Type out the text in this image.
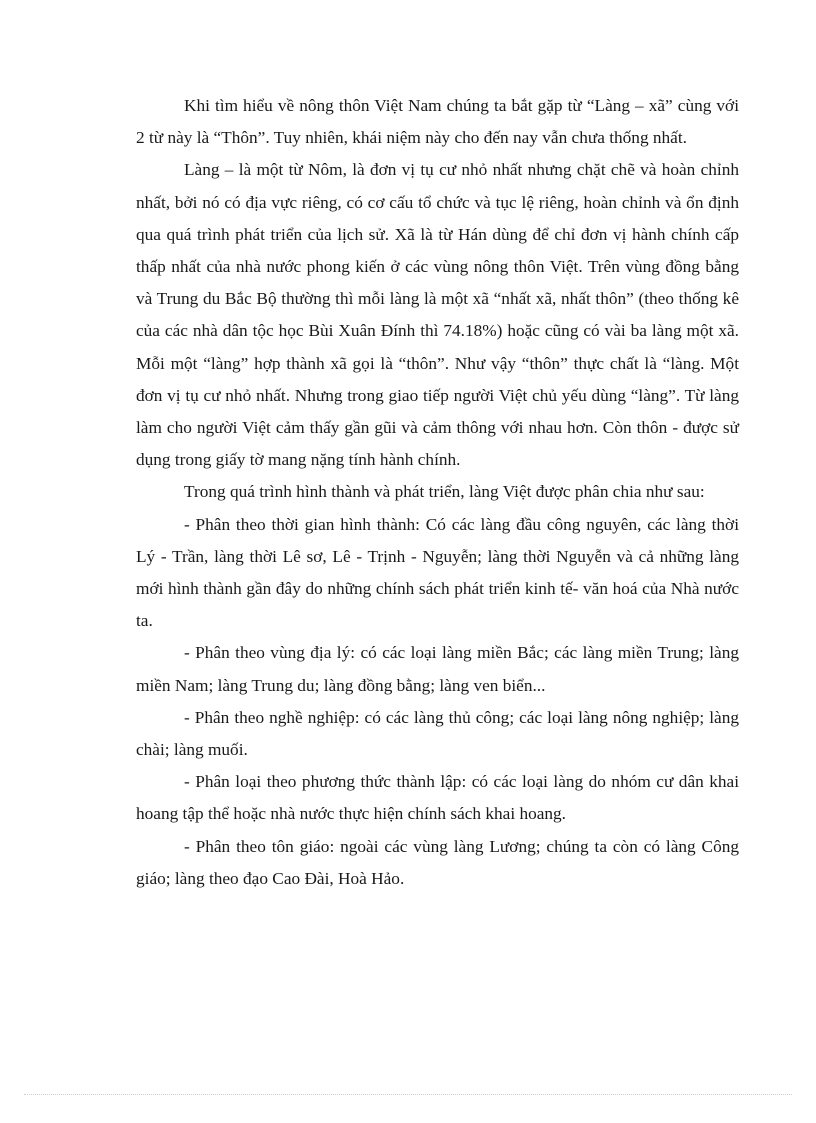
Khi tìm hiểu về nông thôn Việt Nam chúng ta bắt gặp từ “Làng – xã” cùng với 2 từ này là “Thôn”. Tuy nhiên, khái niệm này cho đến nay vẫn chưa thống nhất.

Làng – là một từ Nôm, là đơn vị tụ cư nhỏ nhất nhưng chặt chẽ và hoàn chỉnh nhất, bởi nó có địa vực riêng, có cơ cấu tổ chức và tục lệ riêng, hoàn chỉnh và ổn định qua quá trình phát triển của lịch sử. Xã là từ Hán dùng để chỉ đơn vị hành chính cấp thấp nhất của nhà nước phong kiến ở các vùng nông thôn Việt. Trên vùng đồng bằng và Trung du Bắc Bộ thường thì mỗi làng là một xã “nhất xã, nhất thôn” (theo thống kê của các nhà dân tộc học Bùi Xuân Đính thì 74.18%) hoặc cũng có vài ba làng một xã. Mỗi một “làng” hợp thành xã gọi là “thôn”. Như vậy “thôn” thực chất là “làng. Một đơn vị tụ cư nhỏ nhất. Nhưng trong giao tiếp người Việt chủ yếu dùng “làng”. Từ làng làm cho người Việt cảm thấy gần gũi và cảm thông với nhau hơn. Còn thôn - được sử dụng trong giấy tờ mang nặng tính hành chính.

Trong quá trình hình thành và phát triển, làng Việt được phân chia như sau:

- Phân theo thời gian hình thành: Có các làng đầu công nguyên, các làng thời Lý - Trần, làng thời Lê sơ, Lê - Trịnh - Nguyễn; làng thời Nguyễn và cả những làng mới hình thành gần đây do những chính sách phát triển kinh tế- văn hoá của Nhà nước ta.

- Phân theo vùng địa lý: có các loại làng miền Bắc; các làng miền Trung; làng miền Nam; làng Trung du; làng đồng bằng; làng ven biển...

- Phân theo nghề nghiệp: có các làng thủ công; các loại làng nông nghiệp; làng chài; làng muối.

- Phân loại theo phương thức thành lập: có các loại làng do nhóm cư dân khai hoang tập thể hoặc nhà nước thực hiện chính sách khai hoang.

- Phân theo tôn giáo: ngoài các vùng làng Lương; chúng ta còn có làng Công giáo; làng theo đạo Cao Đài, Hoà Hảo.
